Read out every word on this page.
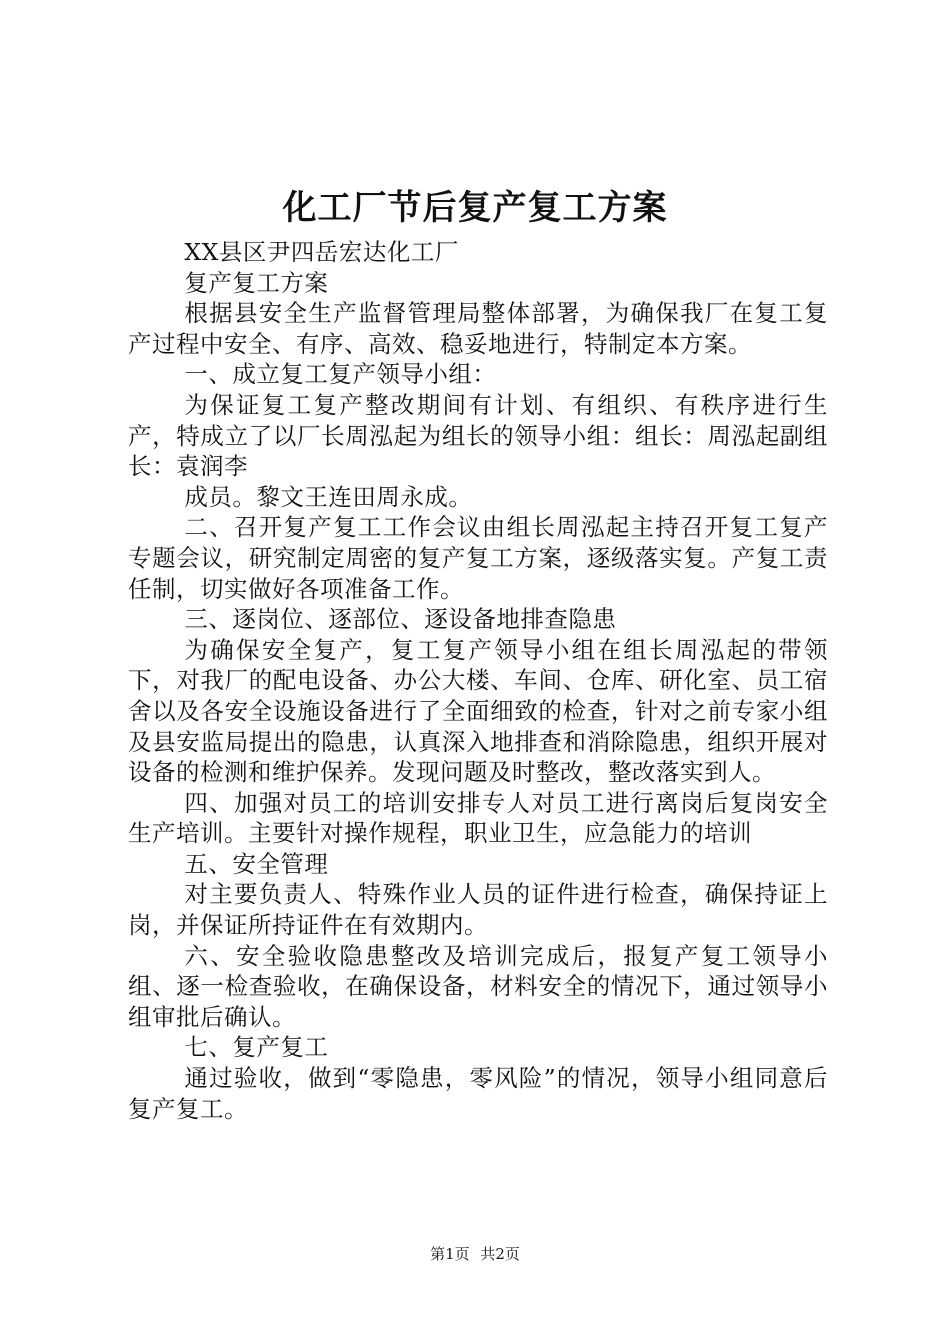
化工厂节后复产复工方案

XX县区尹四岳宏达化工厂

复产复工方案

根据县安全生产监督管理局整体部署，为确保我厂在复工复产过程中安全、有序、高效、稳妥地进行，特制定本方案。

一、成立复工复产领导小组：

为保证复工复产整改期间有计划、有组织、有秩序进行生产，特成立了以厂长周泓起为组长的领导小组：组长：周泓起副组长：袁润李

成员。黎文王连田周永成。

二、召开复产复工工作会议由组长周泓起主持召开复工复产专题会议，研究制定周密的复产复工方案，逐级落实复。产复工责任制，切实做好各项准备工作。

三、逐岗位、逐部位、逐设备地排查隐患

为确保安全复产，复工复产领导小组在组长周泓起的带领下，对我厂的配电设备、办公大楼、车间、仓库、研化室、员工宿舍以及各安全设施设备进行了全面细致的检查，针对之前专家小组及县安监局提出的隐患，认真深入地排查和消除隐患，组织开展对设备的检测和维护保养。发现问题及时整改，整改落实到人。

四、加强对员工的培训安排专人对员工进行离岗后复岗安全生产培训。主要针对操作规程，职业卫生，应急能力的培训

五、安全管理

对主要负责人、特殊作业人员的证件进行检查，确保持证上岗，并保证所持证件在有效期内。

六、安全验收隐患整改及培训完成后，报复产复工领导小组、逐一检查验收，在确保设备，材料安全的情况下，通过领导小组审批后确认。

七、复产复工

通过验收，做到“零隐患，零风险”的情况，领导小组同意后复产复工。

第1页 共2页
